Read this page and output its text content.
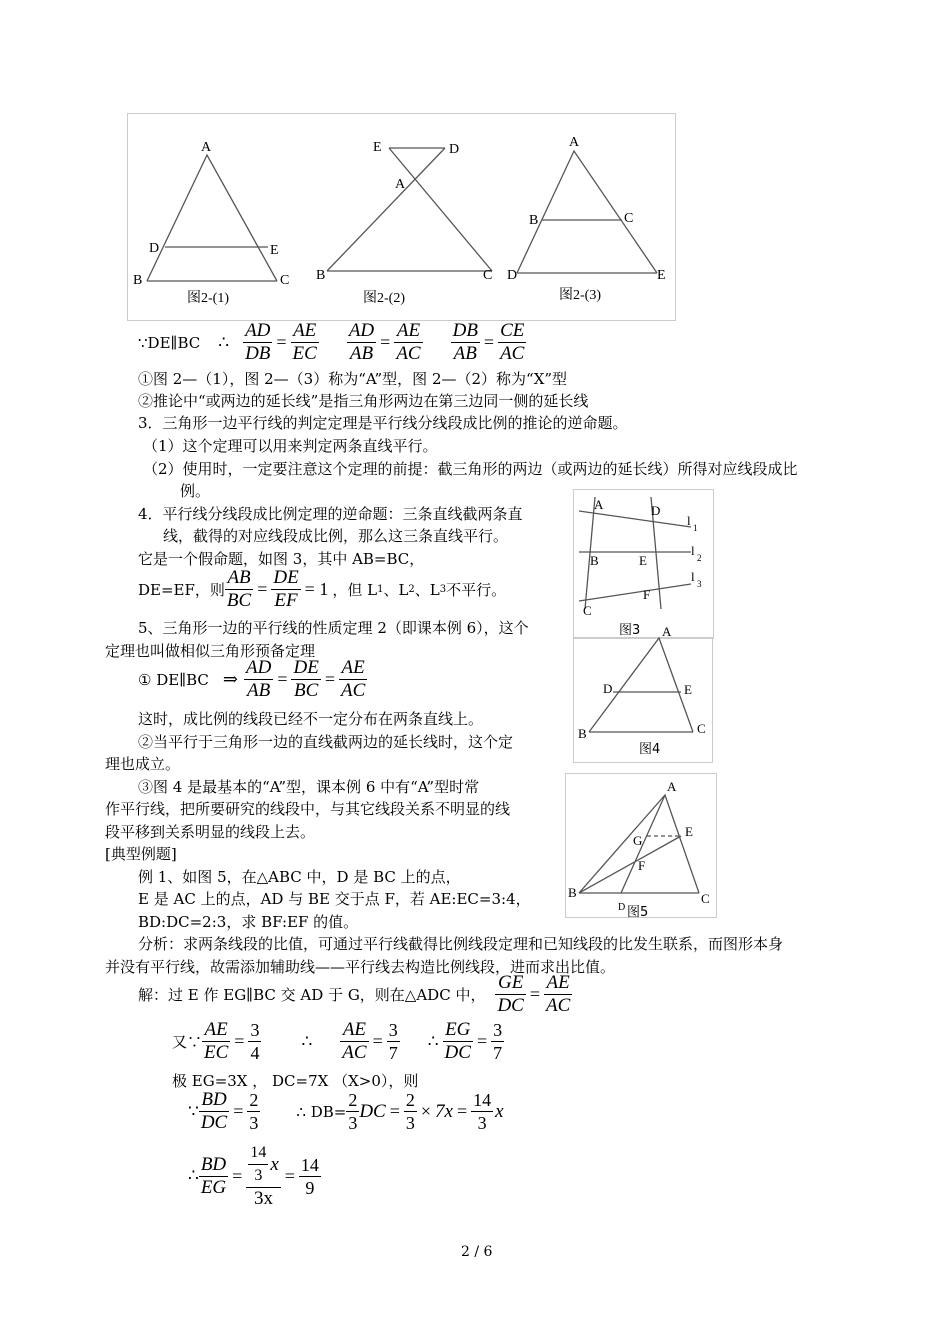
A
D	E
B	C
E	D
A
B	C
A
B	C
D	E
图2-(1)	图2-(2)	图2-(3)
∵DE∥BC ∴ $\frac{AD}{DB} = \frac{AE}{EC} \frac{AD}{AB} = \frac{AE}{AC} \frac{DB}{AB} = \frac{CE}{AC}$
①图 2—（1），图 2—（3）称为“A”型，图 2—（2）称为“X”型
②推论中“或两边的延长线”是指三角形两边在第三边同一侧的延长线
3．三角形一边平行线的判定定理是平行线分线段成比例的推论的逆命题。
（1）这个定理可以用来判定两条直线平行。
（2）使用时，一定要注意这个定理的前提：截三角形的两边（或两边的延长线）所得对应线段成比
例。
4．平行线分线段成比例定理的逆命题：三条直线截两条直
线，截得的对应线段成比例，那么这三条直线平行。
它是一个假命题，如图 3，其中 AB=BC，
DE=EF，则 $\frac{AB}{BC} = \frac{DE}{EF} = 1$ ，但 L 1 、L 2 、L 3 不平行。
A	D
l 1
B	E
l 2
l 3
F
C
图3
5、三角形一边的平行线的性质定理 2（即课本例 6），这个
定理也叫做相似三角形预备定理
① DE∥BC ⇒ $\frac{AD}{AB} = \frac{DE}{BC} = \frac{AE}{AC}$
这时，成比例的线段已经不一定分布在两条直线上。
②当平行于三角形一边的直线截两边的延长线时，这个定
理也成立。
③图 4 是最基本的“A”型，课本例 6 中有“A”型时常
作平行线，把所要研究的线段中，与其它线段关系不明显的线
段平移到关系明显的线段上去。
A
D	E
B	C
图4
A
G
E
F
B	C
D 图5
[典型例题]
例 1、如图 5，在△ABC 中，D 是 BC 上的点，
E 是 AC 上的点，AD 与 BE 交于点 F，若 AE:EC=3:4，
BD:DC=2:3，求 BF:EF 的值。
分析：求两条线段的比值，可通过平行线截得比例线段定理和已知线段的比发生联系，而图形本身
并没有平行线，故需添加辅助线——平行线去构造比例线段，进而求出比值。
解：过 E 作 EG∥BC 交 AD 于 G，则在△ADC 中， $\frac{GE}{DC} = \frac{AE}{AC}$
又∵ $\frac{AE}{EC} = \frac{3}{4}$ ∴ $\frac{AE}{AC} = \frac{3}{7}$ ∴ $\frac{EG}{DC} = \frac{3}{7}$
极 EG=3X ， DC=7X （X>0），则
∵ $\frac{BD}{DC} = \frac{2}{3}$ ∴ $DB= \frac{2}{3}$ DC = $\frac{2}{3} \times 7x = \frac{14}{3}$ x
∴ $\frac{BD}{EG} = \frac{\frac{14}{3} x}{3x} = \frac{14}{9}$
2 / 6
